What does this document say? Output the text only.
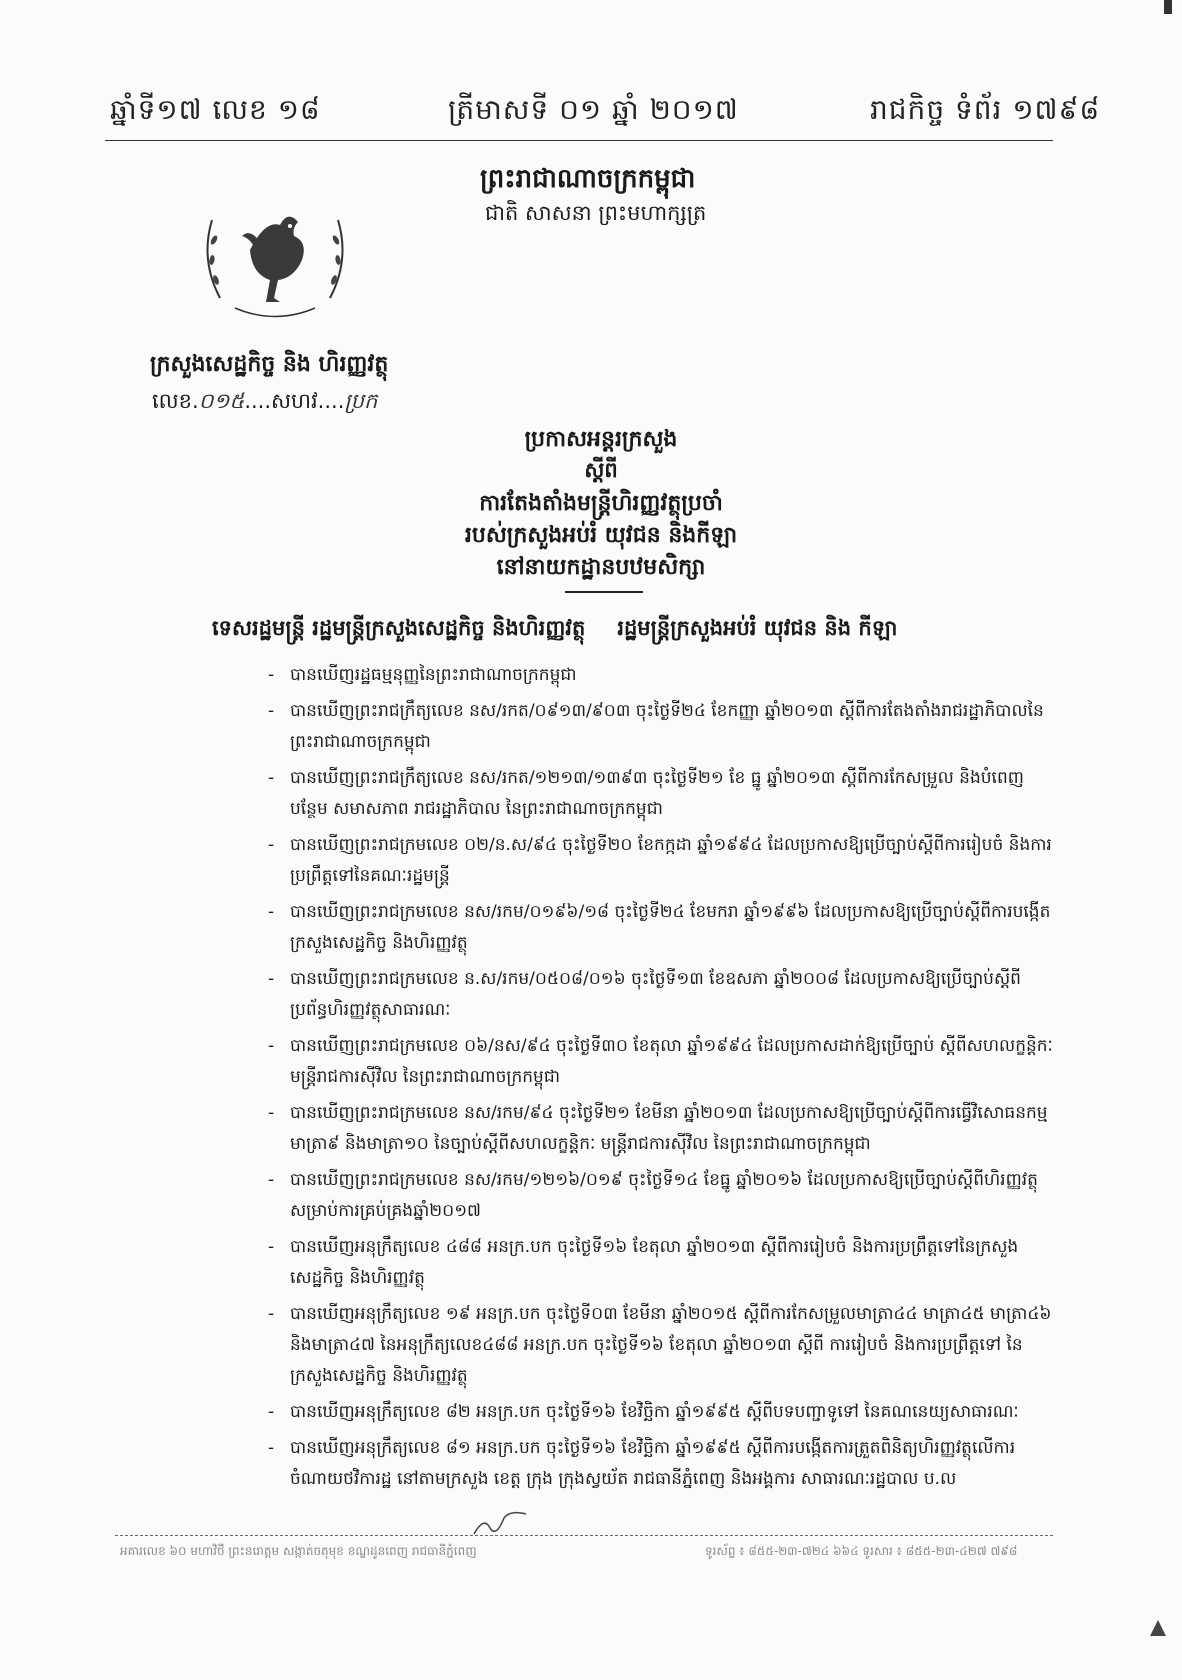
ឆ្នាំទី១៧ លេខ ១៨	ត្រីមាសទី ០១ ឆ្នាំ ២០១៧	រាជកិច្ច ទំព័រ ១៧៩៨
ព្រះរាជាណាចក្រកម្ពុជា
ជាតិ សាសនា ព្រះមហាក្សត្រ
ក្រសួងសេដ្ឋកិច្ច និង ហិរញ្ញវត្ថុ
លេខ.០១៥....សហវ....ប្រក
ប្រកាសអន្តរក្រសួង
ស្តីពី
ការតែងតាំងមន្ត្រីហិរញ្ញវត្ថុប្រចាំ
របស់ក្រសួងអប់រំ យុវជន និងកីឡា
នៅនាយកដ្ឋានបឋមសិក្សា
ទេសរដ្ឋមន្ត្រី រដ្ឋមន្ត្រីក្រសួងសេដ្ឋកិច្ច និងហិរញ្ញវត្ថុ រដ្ឋមន្ត្រីក្រសួងអប់រំ យុវជន និង កីឡា
- បានឃើញរដ្ឋធម្មនុញ្ញនៃព្រះរាជាណាចក្រកម្ពុជា
- បានឃើញព្រះរាជក្រឹត្យលេខ នស/រកត/០៩១៣/៩០៣ ចុះថ្ងៃទី២៤ ខែកញ្ញា ឆ្នាំ២០១៣ ស្តីពីការតែងតាំងរាជរដ្ឋាភិបាលនៃព្រះរាជាណាចក្រកម្ពុជា
- បានឃើញព្រះរាជក្រឹត្យលេខ នស/រកត/១២១៣/១៣៩៣ ចុះថ្ងៃទី២១ ខែ ធ្នូ ឆ្នាំ២០១៣ ស្តីពីការកែសម្រួល និងបំពេញបន្ថែម សមាសភាព រាជរដ្ឋាភិបាល នៃព្រះរាជាណាចក្រកម្ពុជា
- បានឃើញព្រះរាជក្រមលេខ ០២/ន.ស/៩៤ ចុះថ្ងៃទី២០ ខែកក្កដា ឆ្នាំ១៩៩៤ ដែលប្រកាសឱ្យប្រើច្បាប់ស្តីពីការរៀបចំ និងការប្រព្រឹត្តទៅនៃគណៈរដ្ឋមន្ត្រី
- បានឃើញព្រះរាជក្រមលេខ នស/រកម/០១៩៦/១៨ ចុះថ្ងៃទី២៤ ខែមករា ឆ្នាំ១៩៩៦ ដែលប្រកាសឱ្យប្រើច្បាប់ស្តីពីការបង្កើតក្រសួងសេដ្ឋកិច្ច និងហិរញ្ញវត្ថុ
- បានឃើញព្រះរាជក្រមលេខ ន.ស/រកម/០៥០៨/០១៦ ចុះថ្ងៃទី១៣ ខែឧសភា ឆ្នាំ២០០៨ ដែលប្រកាសឱ្យប្រើច្បាប់ស្តីពីប្រព័ន្ធហិរញ្ញវត្ថុសាធារណៈ
- បានឃើញព្រះរាជក្រមលេខ ០៦/នស/៩៤ ចុះថ្ងៃទី៣០ ខែតុលា ឆ្នាំ១៩៩៤ ដែលប្រកាសដាក់ឱ្យប្រើច្បាប់ ស្តីពីសហលក្ខន្តិកៈមន្ត្រីរាជការស៊ីវិល នៃព្រះរាជាណាចក្រកម្ពុជា
- បានឃើញព្រះរាជក្រមលេខ នស/រកម/៩៤ ចុះថ្ងៃទី២១ ខែមីនា ឆ្នាំ២០១៣ ដែលប្រកាសឱ្យប្រើច្បាប់ស្តីពីការធ្វើវិសោធនកម្មមាត្រា៩ និងមាត្រា១០ នៃច្បាប់ស្តីពីសហលក្ខន្តិកៈ មន្ត្រីរាជការស៊ីវិល នៃព្រះរាជាណាចក្រកម្ពុជា
- បានឃើញព្រះរាជក្រមលេខ នស/រកម/១២១៦/០១៩ ចុះថ្ងៃទី១៤ ខែធ្នូ ឆ្នាំ២០១៦ ដែលប្រកាសឱ្យប្រើច្បាប់ស្តីពីហិរញ្ញវត្ថុសម្រាប់ការគ្រប់គ្រងឆ្នាំ២០១៧
- បានឃើញអនុក្រឹត្យលេខ ៤៨៨ អនក្រ.បក ចុះថ្ងៃទី១៦ ខែតុលា ឆ្នាំ២០១៣ ស្តីពីការរៀបចំ និងការប្រព្រឹត្តទៅនៃក្រសួងសេដ្ឋកិច្ច និងហិរញ្ញវត្ថុ
- បានឃើញអនុក្រឹត្យលេខ ១៩ អនក្រ.បក ចុះថ្ងៃទី០៣ ខែមីនា ឆ្នាំ២០១៥ ស្តីពីការកែសម្រួលមាត្រា៤៤ មាត្រា៤៥ មាត្រា៤៦ និងមាត្រា៤៧ នៃអនុក្រឹត្យលេខ៤៨៨ អនក្រ.បក ចុះថ្ងៃទី១៦ ខែតុលា ឆ្នាំ២០១៣ ស្តីពី ការរៀបចំ និងការប្រព្រឹត្តទៅ នៃក្រសួងសេដ្ឋកិច្ច និងហិរញ្ញវត្ថុ
- បានឃើញអនុក្រឹត្យលេខ ៨២ អនក្រ.បក ចុះថ្ងៃទី១៦ ខែវិច្ឆិកា ឆ្នាំ១៩៩៥ ស្តីពីបទបញ្ជាទូទៅ នៃគណនេយ្យសាធារណៈ
- បានឃើញអនុក្រឹត្យលេខ ៨១ អនក្រ.បក ចុះថ្ងៃទី១៦ ខែវិច្ឆិកា ឆ្នាំ១៩៩៥ ស្តីពីការបង្កើតការត្រួតពិនិត្យហិរញ្ញវត្ថុលើការចំណាយថវិការដ្ឋ នៅតាមក្រសួង ខេត្ត ក្រុង ក្រុងស្វយ័ត រាជធានីភ្នំពេញ និងអង្គការ សាធារណៈរដ្ឋបាល ប.ល
អគារលេខ ៦០ មហាវិថី ព្រះនរោត្តម សង្កាត់ចតុមុខ ខណ្ឌដូនពេញ រាជធានីភ្នំពេញ	ទូរស័ព្ទ ៖ ៨៥៥-២៣-៧២៤ ៦៦៤ ទូរសារ ៖ ៨៥៥-២៣-៤២៧ ៧៩៨
